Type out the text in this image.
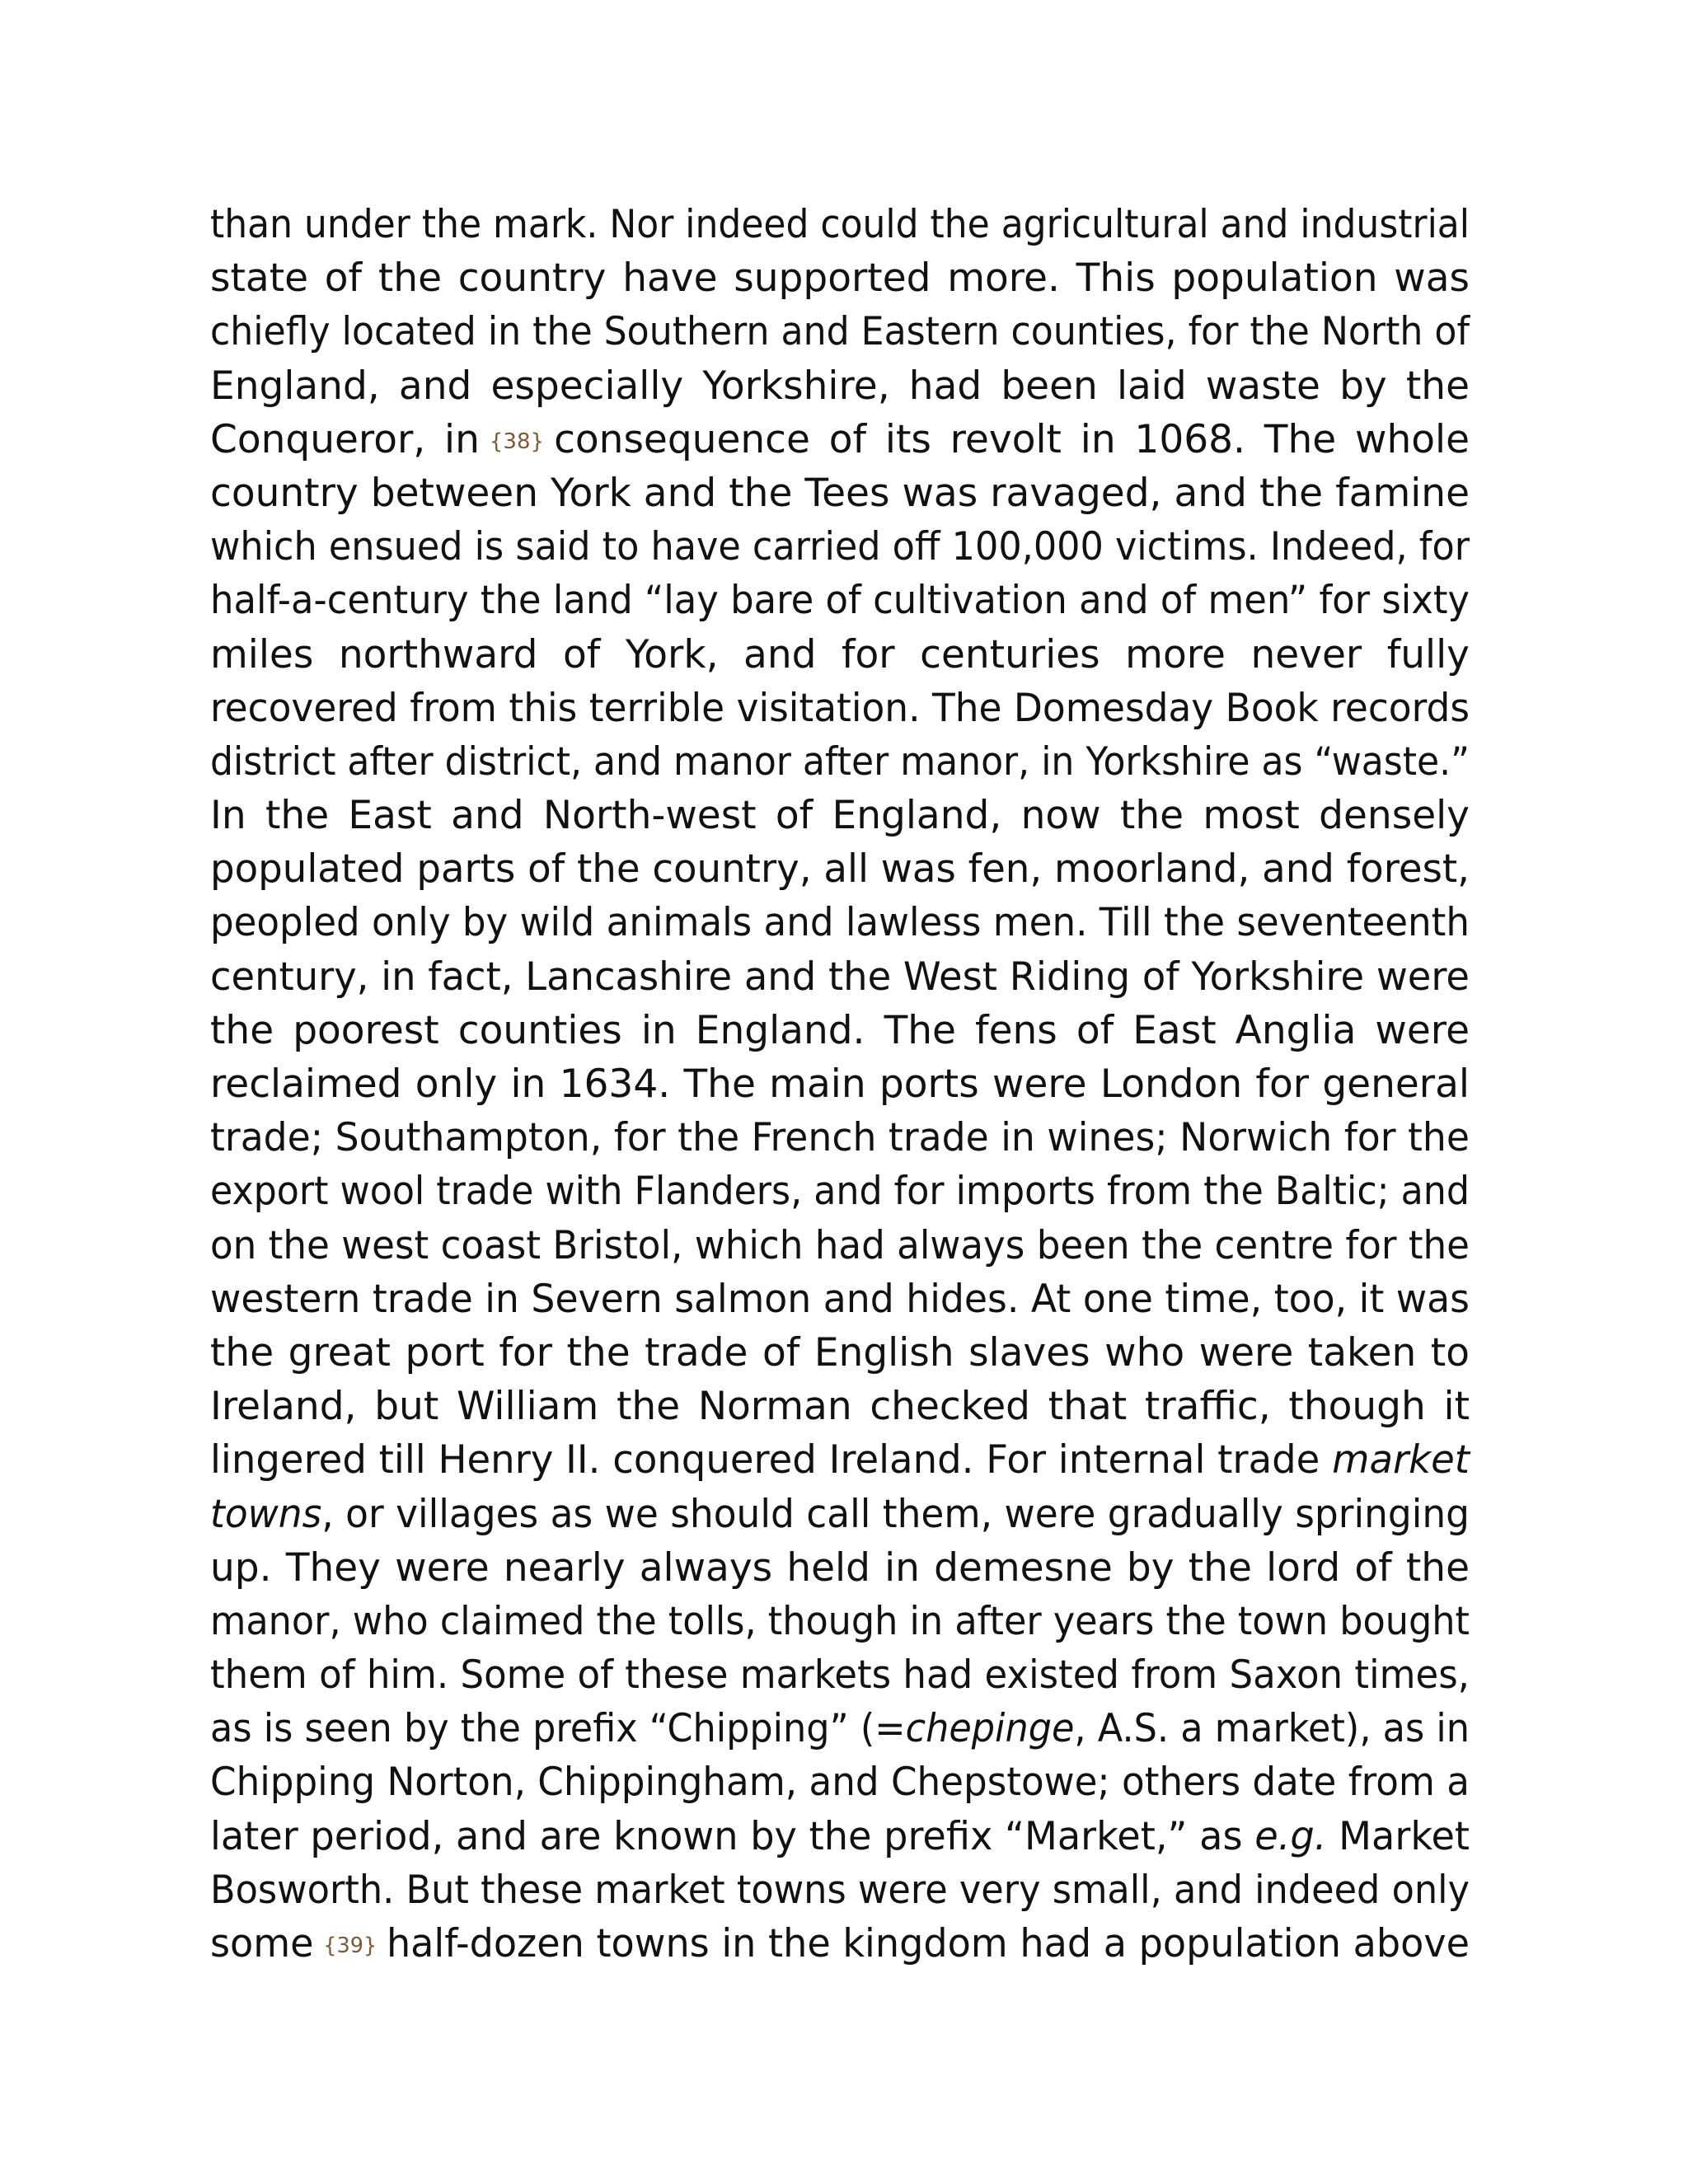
than under the mark. Nor indeed could the agricultural and industrial
state of the country have supported more. This population was
chiefly located in the Southern and Eastern counties, for the North of
England, and especially Yorkshire, had been laid waste by the
Conqueror, in {38} consequence of its revolt in 1068. The whole
country between York and the Tees was ravaged, and the famine
which ensued is said to have carried off 100,000 victims. Indeed, for
half-a-century the land “lay bare of cultivation and of men” for sixty
miles northward of York, and for centuries more never fully
recovered from this terrible visitation. The Domesday Book records
district after district, and manor after manor, in Yorkshire as “waste.”
In the East and North-west of England, now the most densely
populated parts of the country, all was fen, moorland, and forest,
peopled only by wild animals and lawless men. Till the seventeenth
century, in fact, Lancashire and the West Riding of Yorkshire were
the poorest counties in England. The fens of East Anglia were
reclaimed only in 1634. The main ports were London for general
trade; Southampton, for the French trade in wines; Norwich for the
export wool trade with Flanders, and for imports from the Baltic; and
on the west coast Bristol, which had always been the centre for the
western trade in Severn salmon and hides. At one time, too, it was
the great port for the trade of English slaves who were taken to
Ireland, but William the Norman checked that traffic, though it
lingered till Henry II. conquered Ireland. For internal trade market
towns, or villages as we should call them, were gradually springing
up. They were nearly always held in demesne by the lord of the
manor, who claimed the tolls, though in after years the town bought
them of him. Some of these markets had existed from Saxon times,
as is seen by the prefix “Chipping” (=chepinge, A.S. a market), as in
Chipping Norton, Chippingham, and Chepstowe; others date from a
later period, and are known by the prefix “Market,” as e.g. Market
Bosworth. But these market towns were very small, and indeed only
some {39} half-dozen towns in the kingdom had a population above
